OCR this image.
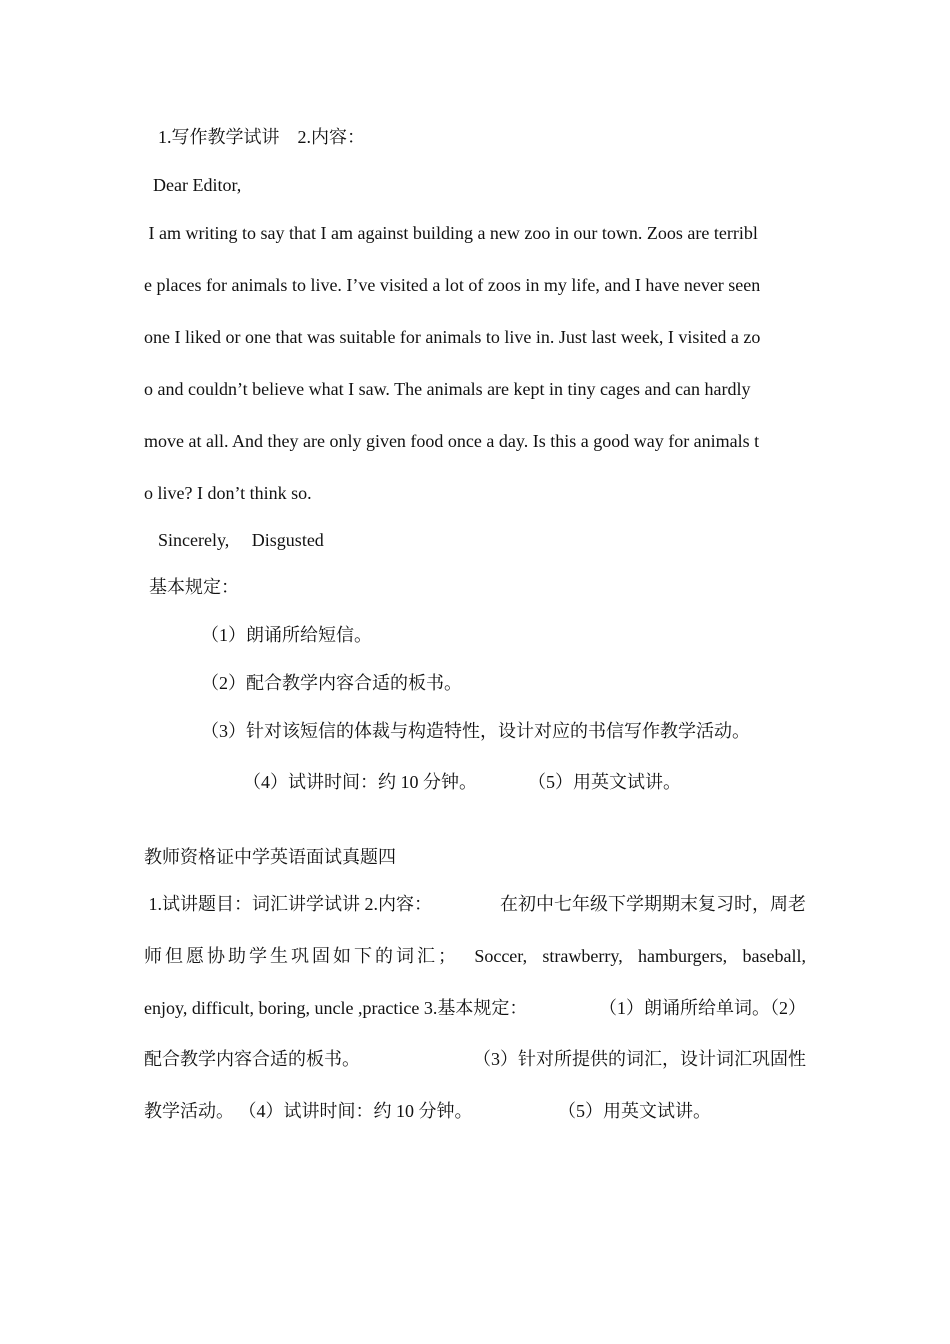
1.写作教学试讲　2.内容：
Dear Editor,
I am writing to say that I am against building a new zoo in our town. Zoos are terribl
e places for animals to live. I’ve visited a lot of zoos in my life, and I have never seen
one I liked or one that was suitable for animals to live in. Just last week, I visited a zo
o and couldn’t believe what I saw. The animals are kept in tiny cages and can hardly
move at all. And they are only given food once a day. Is this a good way for animals t
o live? I don’t think so.
Sincerely,　 Disgusted
基本规定：
（1）朗诵所给短信。
（2）配合教学内容合适的板书。
（3）针对该短信的体裁与构造特性，设计对应的书信写作教学活动。
（4）试讲时间：约 10 分钟。	（5）用英文试讲。
教师资格证中学英语面试真题四
1.试讲题目：词汇讲学试讲 2.内容：	在初中七年级下学期期末复习时，周老
师但愿协助学生巩固如下的词汇； Soccer, strawberry, hamburgers, baseball,
enjoy, difficult, boring, uncle ,practice 3.基本规定：	（1）朗诵所给单词。（2）
配合教学内容合适的板书。	（3）针对所提供的词汇，设计词汇巩固性
教学活动。 （4）试讲时间：约 10 分钟。	（5）用英文试讲。
